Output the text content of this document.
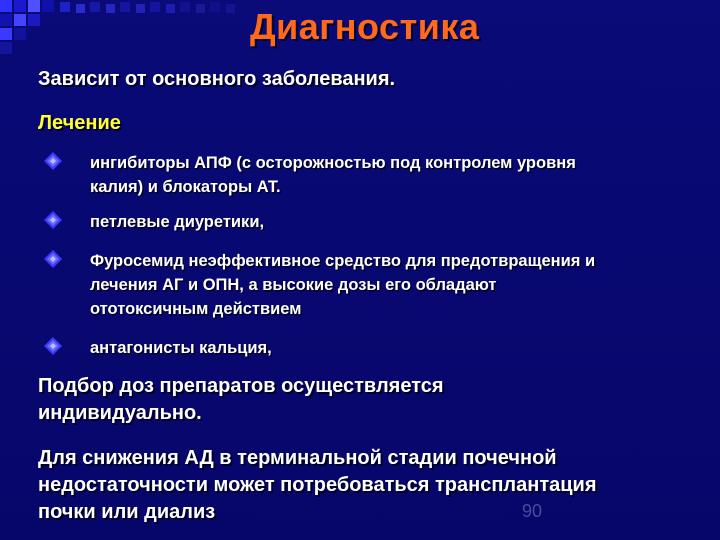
Диагностика
Зависит от основного заболевания.
Лечение
ингибиторы АПФ (с осторожностью под контролем уровня
калия) и блокаторы АТ.
петлевые диуретики,
Фуросемид неэффективное средство для предотвращения и
лечения АГ и ОПН, а высокие дозы его обладают
ототоксичным действием
антагонисты кальция,
Подбор доз препаратов осуществляется
индивидуально.
Для снижения АД в терминальной стадии почечной
недостаточности может потребоваться трансплантация
почки или диализ	90
